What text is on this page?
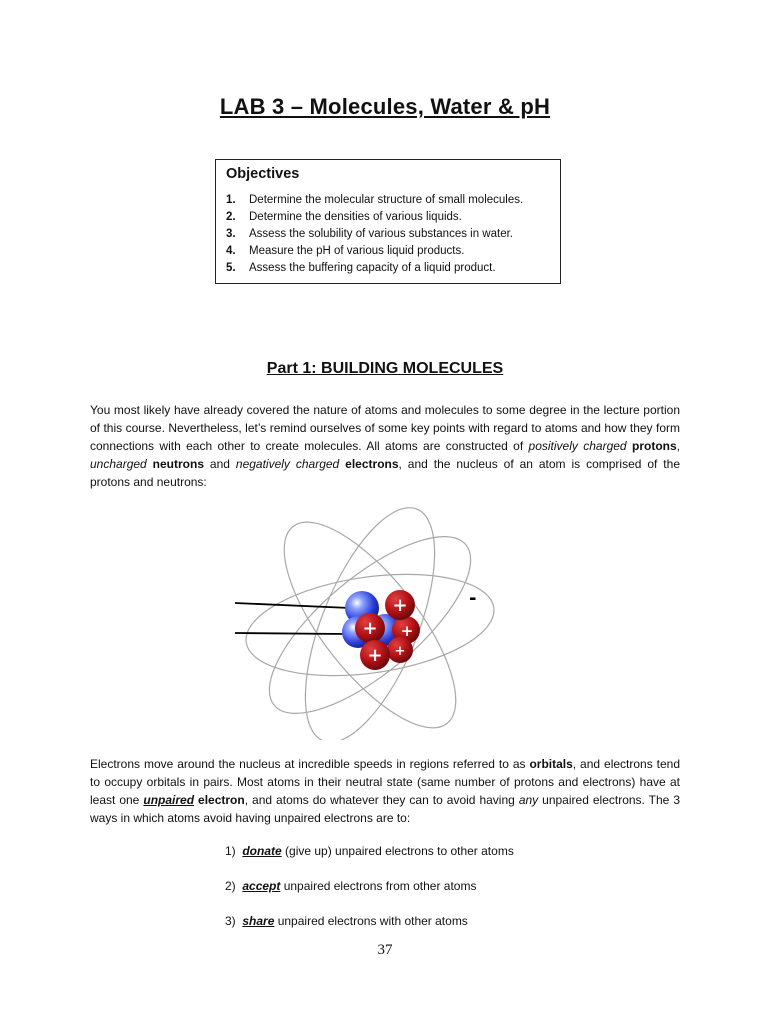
LAB 3 – Molecules, Water & pH
Objectives
1.	Determine the molecular structure of small molecules.
2.	Determine the densities of various liquids.
3.	Assess the solubility of various substances in water.
4.	Measure the pH of various liquid products.
5.	Assess the buffering capacity of a liquid product.
Part 1: BUILDING MOLECULES

You most likely have already covered the nature of atoms and molecules to some degree in the lecture portion of this course. Nevertheless, let’s remind ourselves of some key points with regard to atoms and how they form connections with each other to create molecules. All atoms are constructed of positively charged protons, uncharged neutrons and negatively charged electrons, and the nucleus of an atom is comprised of the protons and neutrons:

+
+
+
+
+
-

Electrons move around the nucleus at incredible speeds in regions referred to as orbitals, and electrons tend to occupy orbitals in pairs. Most atoms in their neutral state (same number of protons and electrons) have at least one unpaired electron, and atoms do whatever they can to avoid having any unpaired electrons. The 3 ways in which atoms avoid having unpaired electrons are to:

1) donate (give up) unpaired electrons to other atoms
2) accept unpaired electrons from other atoms
3) share unpaired electrons with other atoms
37
